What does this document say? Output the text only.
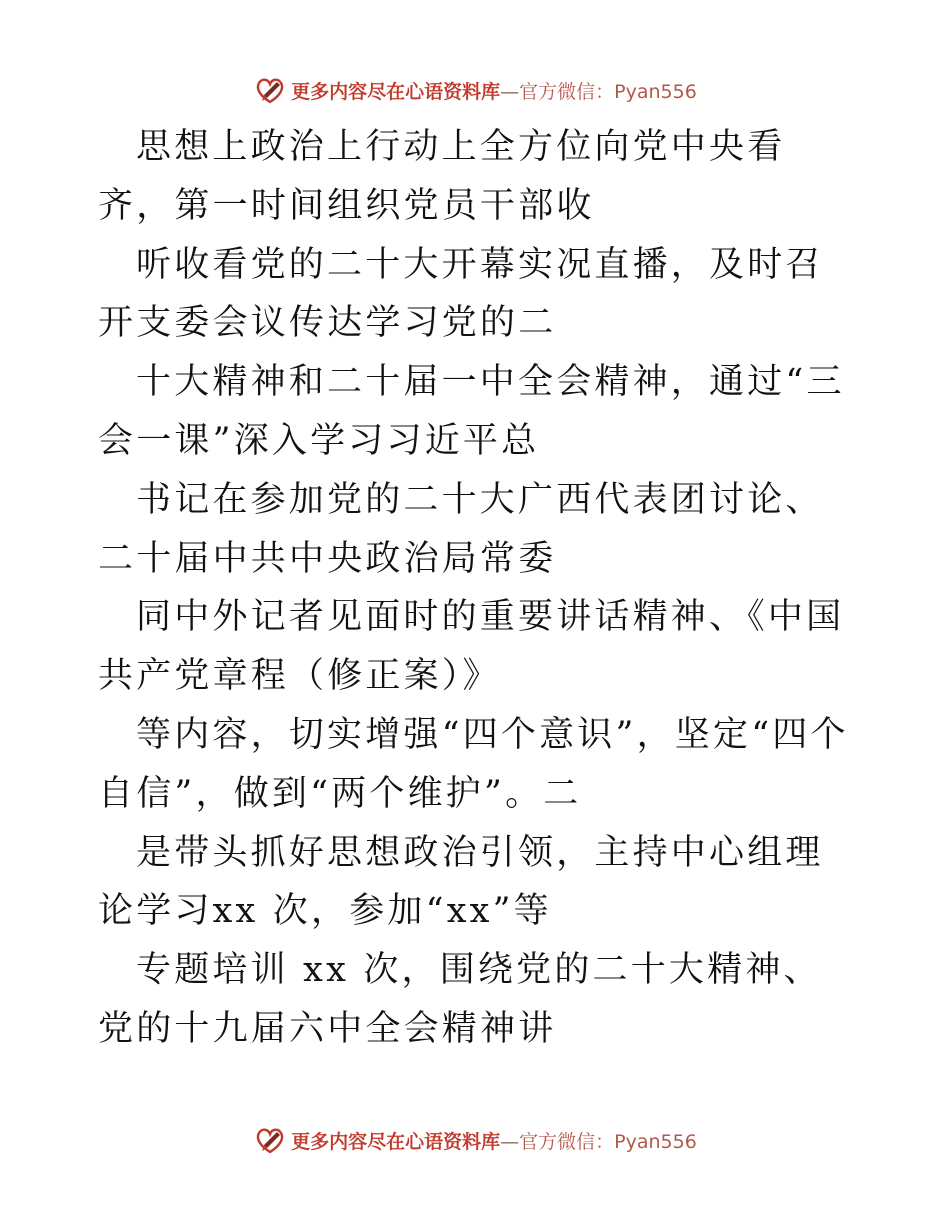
更多内容尽在心语资料库—官方微信：Pyan556

思想上政治上行动上全方位向党中央看齐，第一时间组织党员干部收

听收看党的二十大开幕实况直播，及时召开支委会议传达学习党的二

十大精神和二十届一中全会精神，通过“三会一课”深入学习习近平总

书记在参加党的二十大广西代表团讨论、二十届中共中央政治局常委

同中外记者见面时的重要讲话精神、《中国共产党章程（修正案）》

等内容，切实增强“四个意识”，坚定“四个自信”，做到“两个维护”。二

是带头抓好思想政治引领，主持中心组理论学习xx 次，参加“xx”等

专题培训 xx 次，围绕党的二十大精神、党的十九届六中全会精神讲

更多内容尽在心语资料库—官方微信：Pyan556
